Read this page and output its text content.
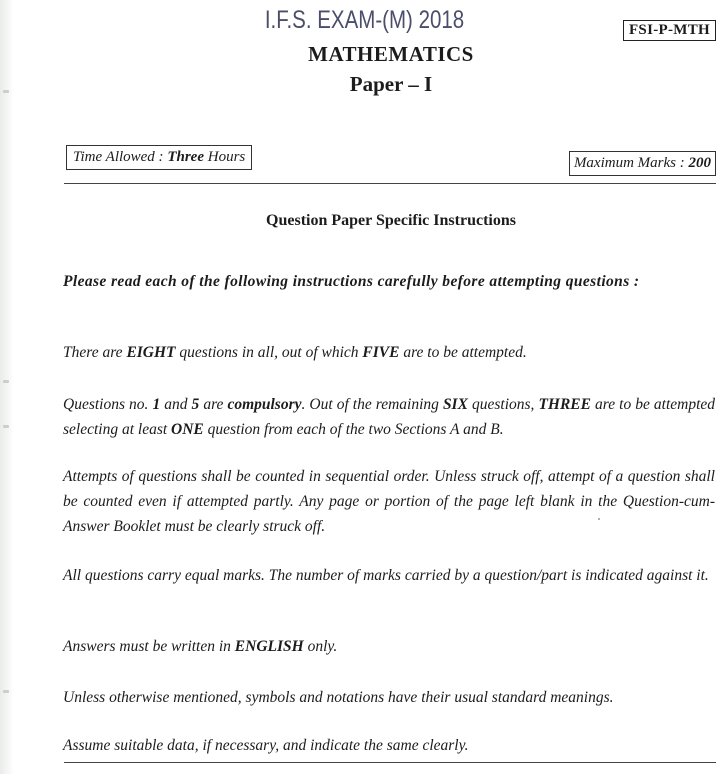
I.F.S. EXAM-(M) 2018	FSI-P-MTH
MATHEMATICS
Paper – I
Time Allowed : Three Hours	Maximum Marks : 200
Question Paper Specific Instructions
Please read each of the following instructions carefully before attempting questions :
There are EIGHT questions in all, out of which FIVE are to be attempted.
Questions no. 1 and 5 are compulsory. Out of the remaining SIX questions, THREE are to be attempted selecting at least ONE question from each of the two Sections A and B.
Attempts of questions shall be counted in sequential order. Unless struck off, attempt of a question shall be counted even if attempted partly. Any page or portion of the page left blank in the Question-cum-Answer Booklet must be clearly struck off.
All questions carry equal marks. The number of marks carried by a question/part is indicated against it.
Answers must be written in ENGLISH only.
Unless otherwise mentioned, symbols and notations have their usual standard meanings.
Assume suitable data, if necessary, and indicate the same clearly.
